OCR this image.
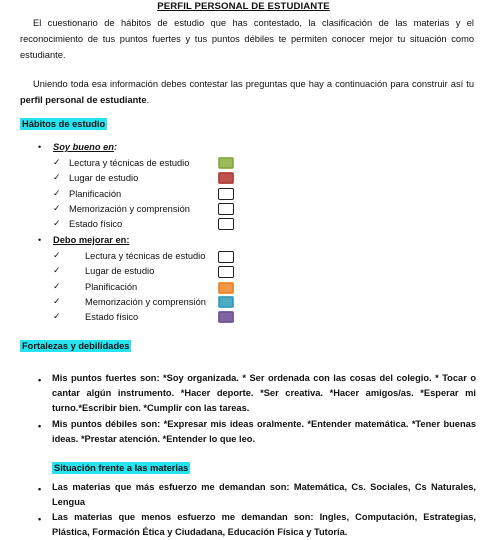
PERFIL PERSONAL DE ESTUDIANTE
El cuestionario de hábitos de estudio que has contestado, la clasificación de las materias y el reconocimiento de tus puntos fuertes y tus puntos débiles te permiten conocer mejor tu situación como estudiante.
Uniendo toda esa información debes contestar las preguntas que hay a continuación para construir así tu perfil personal de estudiante.
Hábitos de estudio
• Soy bueno en:
✓ Lectura y técnicas de estudio
✓ Lugar de estudio
✓ Planificación
✓ Memorización y comprensión
✓ Estado físico
• Debo mejorar en:
✓	Lectura y técnicas de estudio
✓	Lugar de estudio
✓	Planificación
✓	Memorización y comprensión
✓	Estado físico
Fortalezas y debilidades
• Mis puntos fuertes son: *Soy organizada. * Ser ordenada con las cosas del colegio. * Tocar o cantar algún instrumento. *Hacer deporte. *Ser creativa. *Hacer amigos/as. *Esperar mi turno.*Escribir bien. *Cumplir con las tareas.
• Mis puntos débiles son: *Expresar mis ideas oralmente. *Entender matemática. *Tener buenas ideas. *Prestar atención. *Entender lo que leo.
Situación frente a las materias
• Las materias que más esfuerzo me demandan son: Matemática, Cs. Sociales, Cs Naturales, Lengua
• Las materias que menos esfuerzo me demandan son: Ingles, Computación, Estrategias, Plástica, Formación Ética y Ciudadana, Educación Física y Tutoría.
